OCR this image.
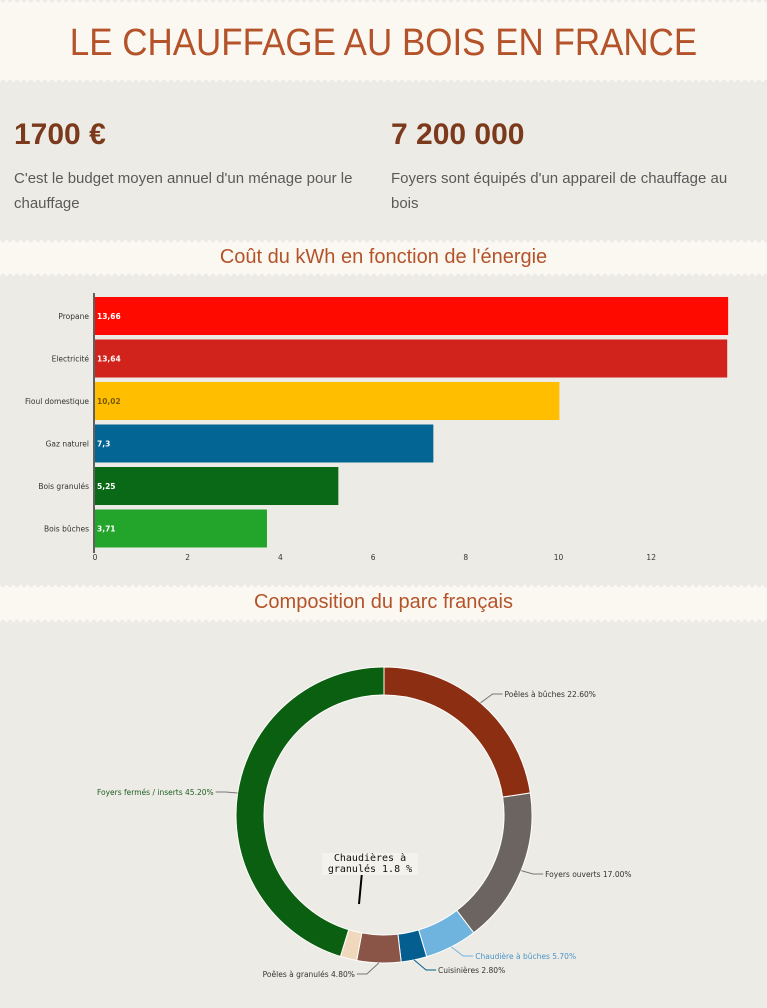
LE CHAUFFAGE AU BOIS EN FRANCE
1700 €
C'est le budget moyen annuel d'un ménage pour le chauffage
7 200 000
Foyers sont équipés d'un appareil de chauffage au bois
Coût du kWh en fonction de l'énergie
Propane 13,66
Electricité 13,64
Fioul domestique 10,02
Gaz naturel 7,3
Bois granulés 5,25
Bois bûches 3,71
0	2	4	6	8	10	12
Composition du parc français
Poêles à bûches 22.60%
Foyers ouverts 17.00%
Chaudière à bûches 5.70%
Cuisinières 2.80%
Poêles à granulés 4.80%
Foyers fermés / inserts 45.20%
Chaudières à granulés 1.8 %
